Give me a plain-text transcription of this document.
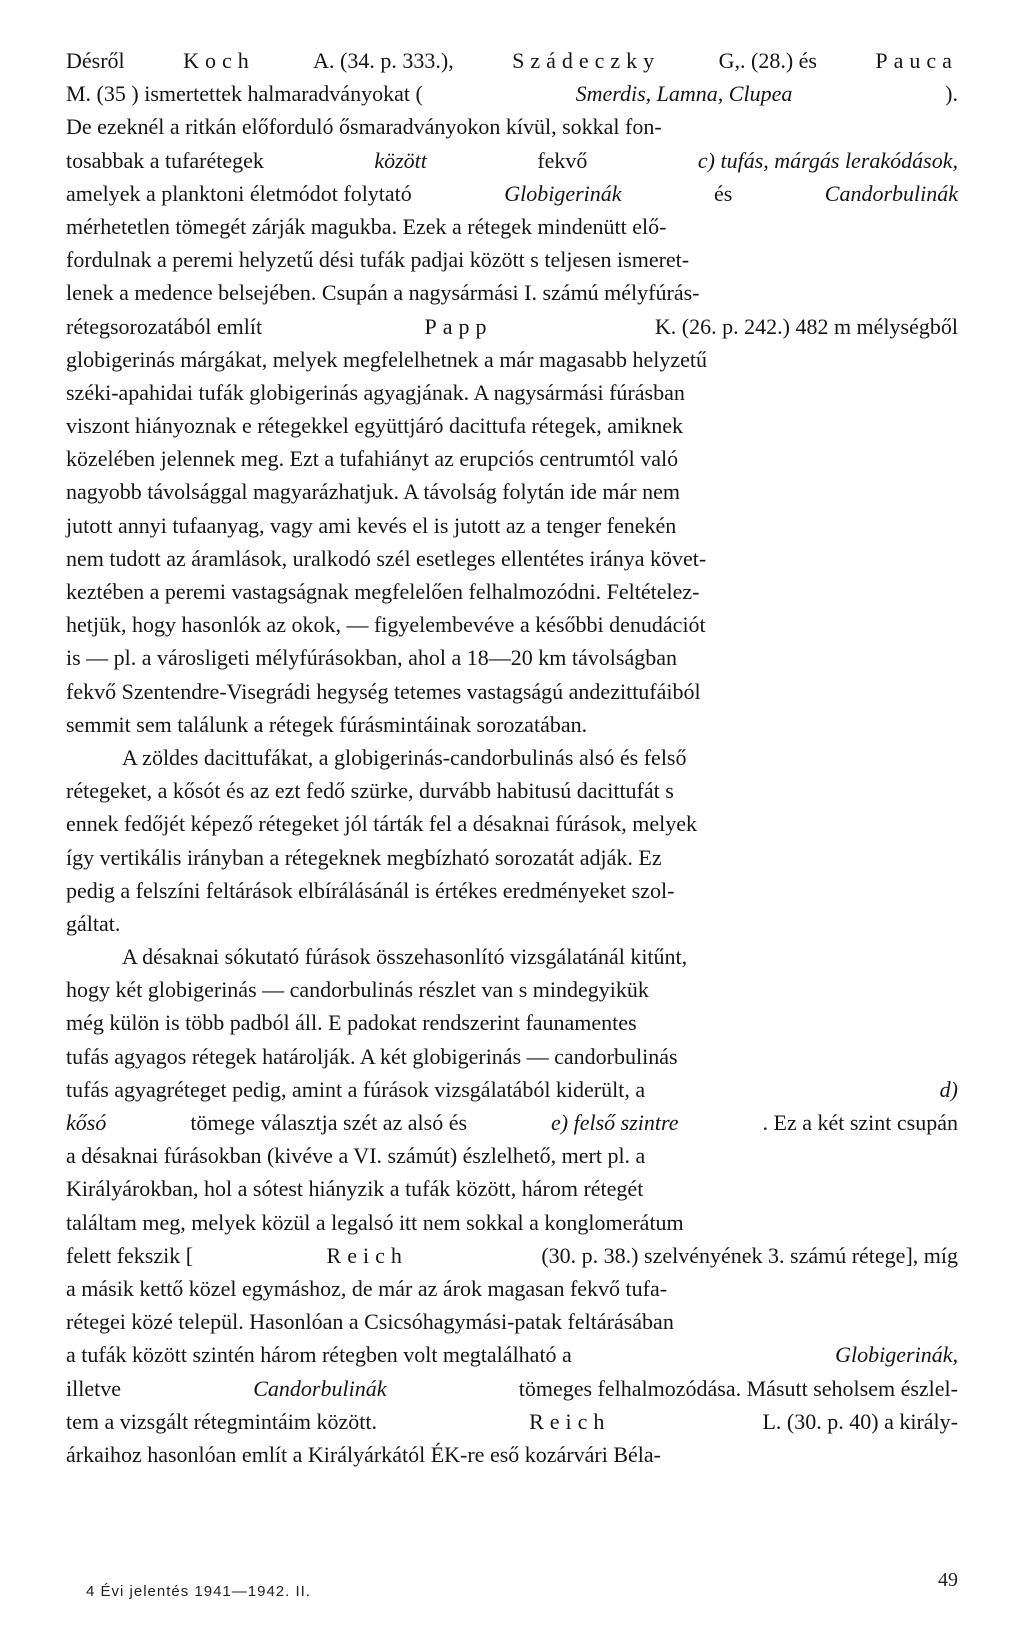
Désről	Koch	A. (34. p. 333.),	Szádeczky	G,. (28.) és	Pauca
M. (35 ) ismertettek halmaradványokat (	Smerdis, Lamna, Clupea	).
De ezeknél a ritkán előforduló ősmaradványokon kívül, sokkal fon-
tosabbak a tufarétegek	között	fekvő	c) tufás, márgás lerakódások,
amelyek a planktoni életmódot folytató	Globigerinák	és	Candorbulinák
mérhetetlen tömegét zárják magukba. Ezek a rétegek mindenütt elő-
fordulnak a peremi helyzetű dési tufák padjai között s teljesen ismeret-
lenek a medence belsejében. Csupán a nagysármási I. számú mélyfúrás-
rétegsorozatából említ	Papp	K. (26. p. 242.) 482 m mélységből
globigerinás márgákat, melyek megfelelhetnek a már magasabb helyzetű
széki-apahidai tufák globigerinás agyagjának. A nagysármási fúrásban
viszont hiányoznak e rétegekkel együttjáró dacittufa rétegek, amiknek
közelében jelennek meg. Ezt a tufahiányt az erupciós centrumtól való
nagyobb távolsággal magyarázhatjuk. A távolság folytán ide már nem
jutott annyi tufaanyag, vagy ami kevés el is jutott az a tenger fenekén
nem tudott az áramlások, uralkodó szél esetleges ellentétes iránya követ-
keztében a peremi vastagságnak megfelelően felhalmozódni. Feltételez-
hetjük, hogy hasonlók az okok, — figyelembevéve a későbbi denudációt
is — pl. a városligeti mélyfúrásokban, ahol a 18—20 km távolságban
fekvő Szentendre-Visegrádi hegység tetemes vastagságú andezittufáiból
semmit sem találunk a rétegek fúrásmintáinak sorozatában.
A zöldes dacittufákat, a globigerinás-candorbulinás alsó és felső
rétegeket, a kősót és az ezt fedő szürke, durvább habitusú dacittufát s
ennek fedőjét képező rétegeket jól tárták fel a désaknai fúrások, melyek
így vertikális irányban a rétegeknek megbízható sorozatát adják. Ez
pedig a felszíni feltárások elbírálásánál is értékes eredményeket szol-
gáltat.
A désaknai sókutató fúrások összehasonlító vizsgálatánál kitűnt,
hogy két globigerinás — candorbulinás részlet van s mindegyikük
még külön is több padból áll. E padokat rendszerint faunamentes
tufás agyagos rétegek határolják. A két globigerinás — candorbulinás
tufás agyagréteget pedig, amint a fúrások vizsgálatából kiderült, a	d)
kősó	tömege választja szét az alsó és	e) felső szintre	. Ez a két szint csupán
a désaknai fúrásokban (kivéve a VI. számút) észlelhető, mert pl. a
Királyárokban, hol a sótest hiányzik a tufák között, három rétegét
találtam meg, melyek közül a legalsó itt nem sokkal a konglomerátum
felett fekszik [	Reich	(30. p. 38.) szelvényének 3. számú rétege], míg
a másik kettő közel egymáshoz, de már az árok magasan fekvő tufa-
rétegei közé települ. Hasonlóan a Csicsóhagymási-patak feltárásában
a tufák között szintén három rétegben volt megtalálható a	Globigerinák,
illetve	Candorbulinák	tömeges felhalmozódása. Másutt seholsem észlel-
tem a vizsgált rétegmintáim között.	Reich	L. (30. p. 40) a király-
árkaihoz hasonlóan említ a Királyárkától ÉK-re eső kozárvári Béla-
4 Évi jelentés 1941—1942. II.
49
